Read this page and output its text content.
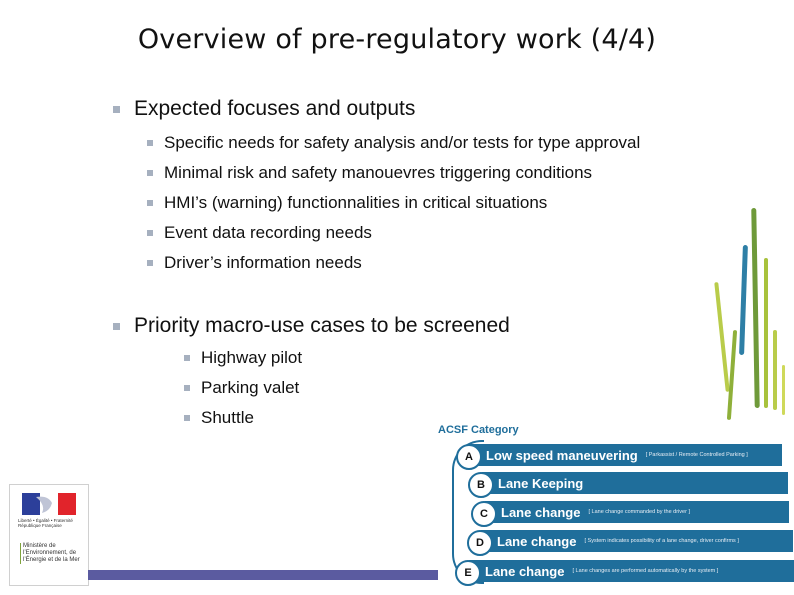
Overview of pre-regulatory work (4/4)
Expected focuses and outputs
Specific needs for safety analysis and/or tests for type approval
Minimal risk and safety manouevres triggering conditions
HMI’s (warning) functionnalities in critical situations
Event data recording needs
Driver’s information needs
Priority macro-use cases to be screened
Highway pilot
Parking valet
Shuttle
Liberté • Égalité • Fraternité
République Française
Ministère de l’Environnement, de l’Énergie et de la Mer
ACSF Category
A	Low speed maneuvering [ Parkassist / Remote Controlled Parking ]
B	Lane Keeping
C	Lane change [ Lane change commanded by the driver ]
D	Lane change [ System indicates possibility of a lane change, driver confirms ]
E	Lane change [ Lane changes are performed automatically by the system ]
